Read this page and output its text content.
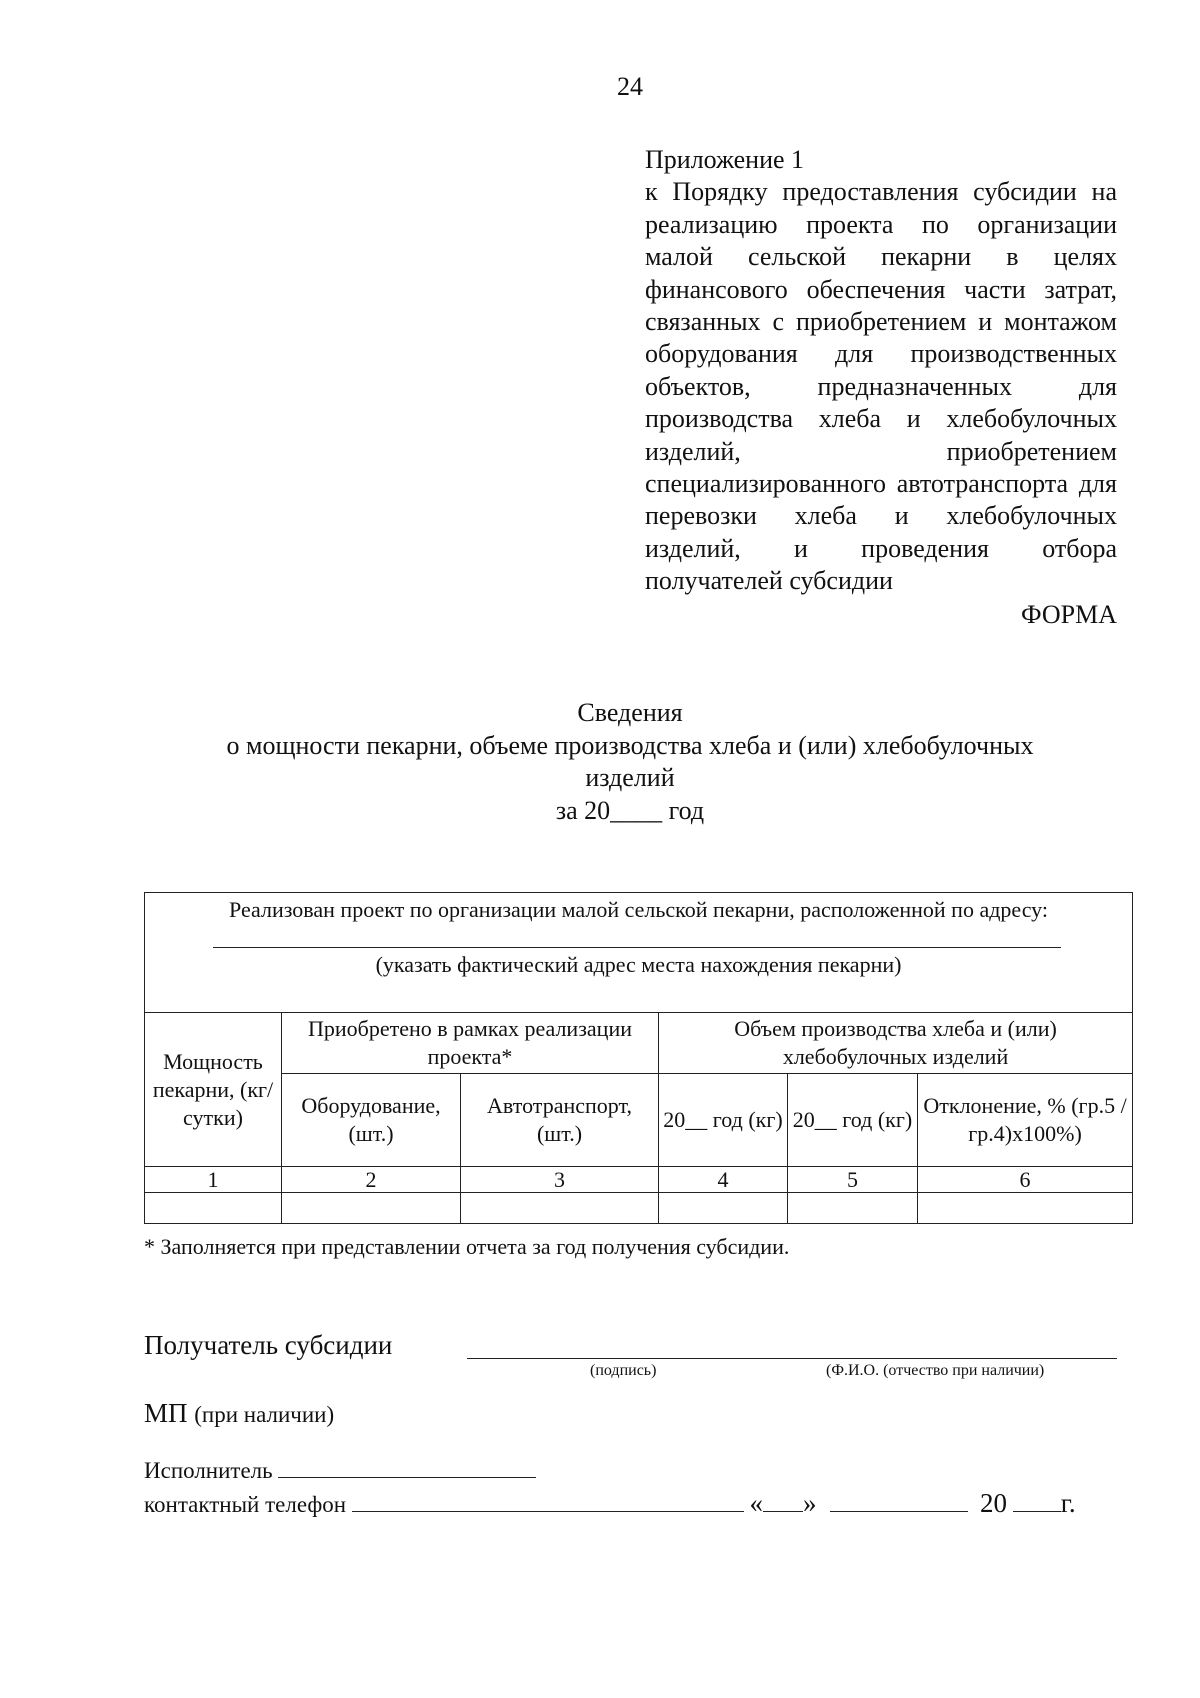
24
Приложение 1
к Порядку предоставления субсидии на реализацию проекта по организации малой сельской пекарни в целях финансового обеспечения части затрат, связанных с приобретением и монтажом оборудования для производственных объектов, предназначенных для производства хлеба и хлебобулочных изделий, приобретением специализированного автотранспорта для перевозки хлеба и хлебобулочных изделий, и проведения отбора получателей субсидии
ФОРМА
Сведения
о мощности пекарни, объеме производства хлеба и (или) хлебобулочных
изделий
за 20____ год
Реализован проект по организации малой сельской пекарни, расположенной по адресу:
(указать фактический адрес места нахождения пекарни)					

Мощность пекарни, (кг/сутки)	Приобретено в рамках реализации проекта*		Объем производства хлеба и (или) хлебобулочных изделий		
	Оборудование, (шт.)	Автотранспорт, (шт.)	20__ год (кг)	20__ год (кг)	Отклонение, % (гр.5 / гр.4)х100%)
1	2	3	4	5	6

* Заполняется при представлении отчета за год получения субсидии.
Получатель субсидии
(подпись)	(Ф.И.О. (отчество при наличии)
МП (при наличии)
Исполнитель
контактный телефон	« »	20 г.
